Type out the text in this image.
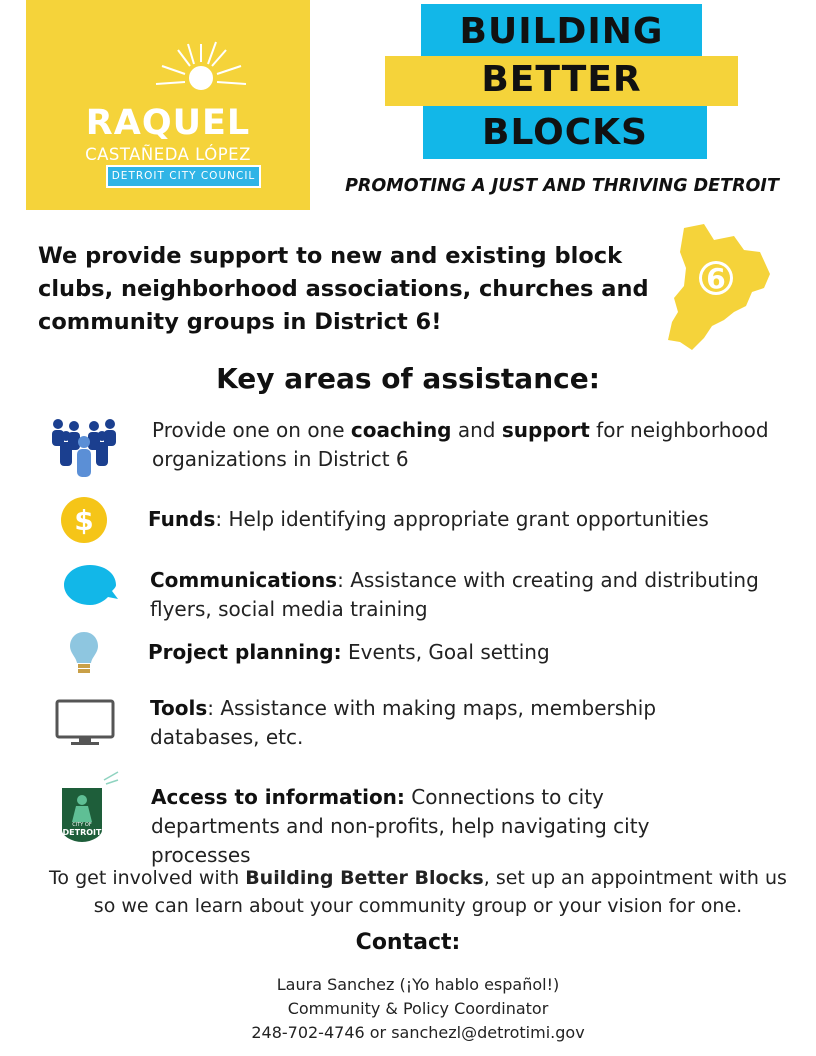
RAQUEL
CASTAÑEDA LÓPEZ
DETROIT CITY COUNCIL
BUILDING
BETTER
BLOCKS
PROMOTING A JUST AND THRIVING DETROIT
We provide support to new and existing block clubs, neighborhood associations, churches and community groups in District 6!
6
Key areas of assistance:
Provide one on one coaching and support for neighborhood organizations in District 6
$	Funds: Help identifying appropriate grant opportunities
Communications: Assistance with creating and distributing flyers, social media training
Project planning: Events, Goal setting
Tools: Assistance with making maps, membership databases, etc.
CITY OF
DETROIT
Access to information: Connections to city departments and non-profits, help navigating city processes
To get involved with Building Better Blocks, set up an appointment with us so we can learn about your community group or your vision for one.
Contact:
Laura Sanchez (¡Yo hablo español!)
Community & Policy Coordinator
248-702-4746 or sanchezl@detrotimi.gov
